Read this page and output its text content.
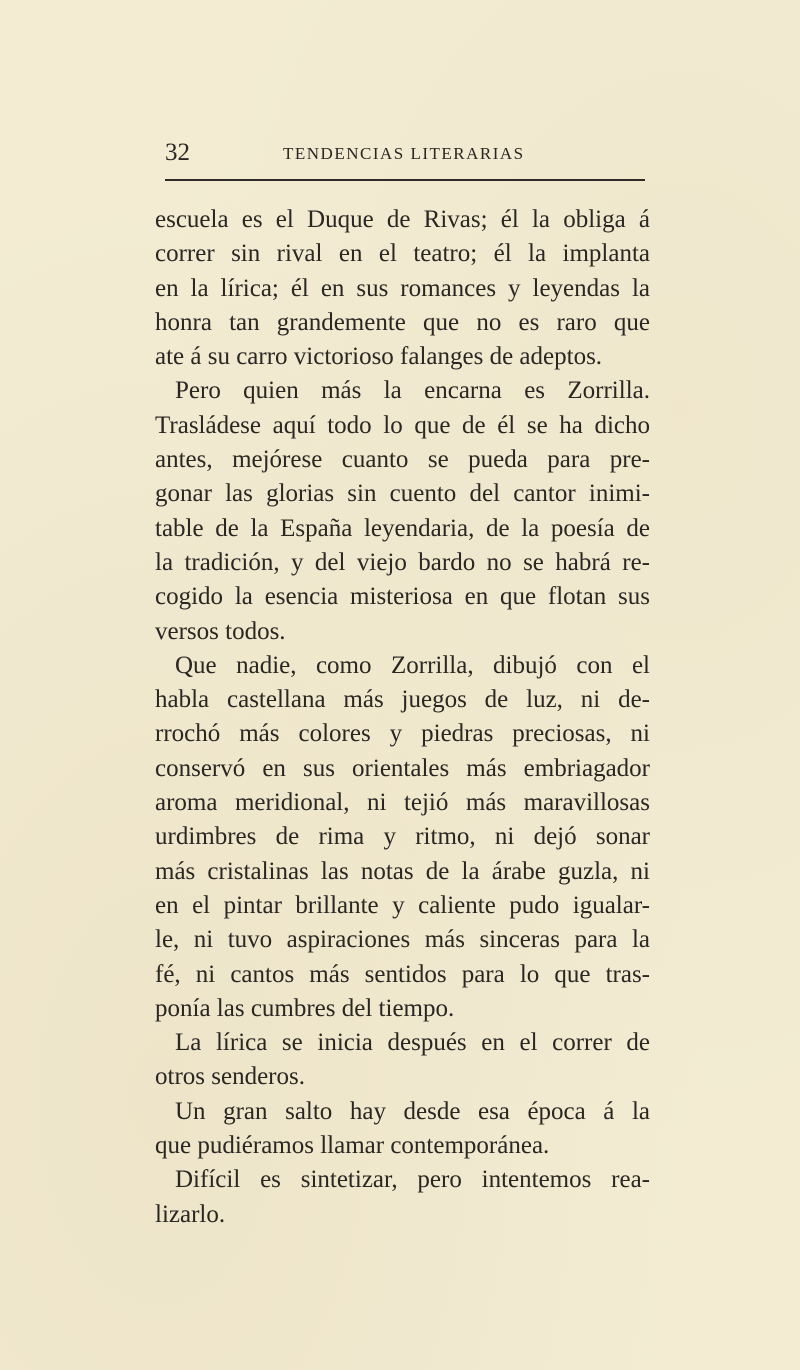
32	TENDENCIAS LITERARIAS
escuela es el Duque de Rivas; él la obliga á
correr sin rival en el teatro; él la implanta
en la lírica; él en sus romances y leyendas la
honra tan grandemente que no es raro que
ate á su carro victorioso falanges de adeptos.
Pero quien más la encarna es Zorrilla.
Trasládese aquí todo lo que de él se ha dicho
antes, mejórese cuanto se pueda para pre-
gonar las glorias sin cuento del cantor inimi-
table de la España leyendaria, de la poesía de
la tradición, y del viejo bardo no se habrá re-
cogido la esencia misteriosa en que flotan sus
versos todos.
Que nadie, como Zorrilla, dibujó con el
habla castellana más juegos de luz, ni de-
rrochó más colores y piedras preciosas, ni
conservó en sus orientales más embriagador
aroma meridional, ni tejió más maravillosas
urdimbres de rima y ritmo, ni dejó sonar
más cristalinas las notas de la árabe guzla, ni
en el pintar brillante y caliente pudo igualar-
le, ni tuvo aspiraciones más sinceras para la
fé, ni cantos más sentidos para lo que tras-
ponía las cumbres del tiempo.
La lírica se inicia después en el correr de
otros senderos.
Un gran salto hay desde esa época á la
que pudiéramos llamar contemporánea.
Difícil es sintetizar, pero intentemos rea-
lizarlo.
